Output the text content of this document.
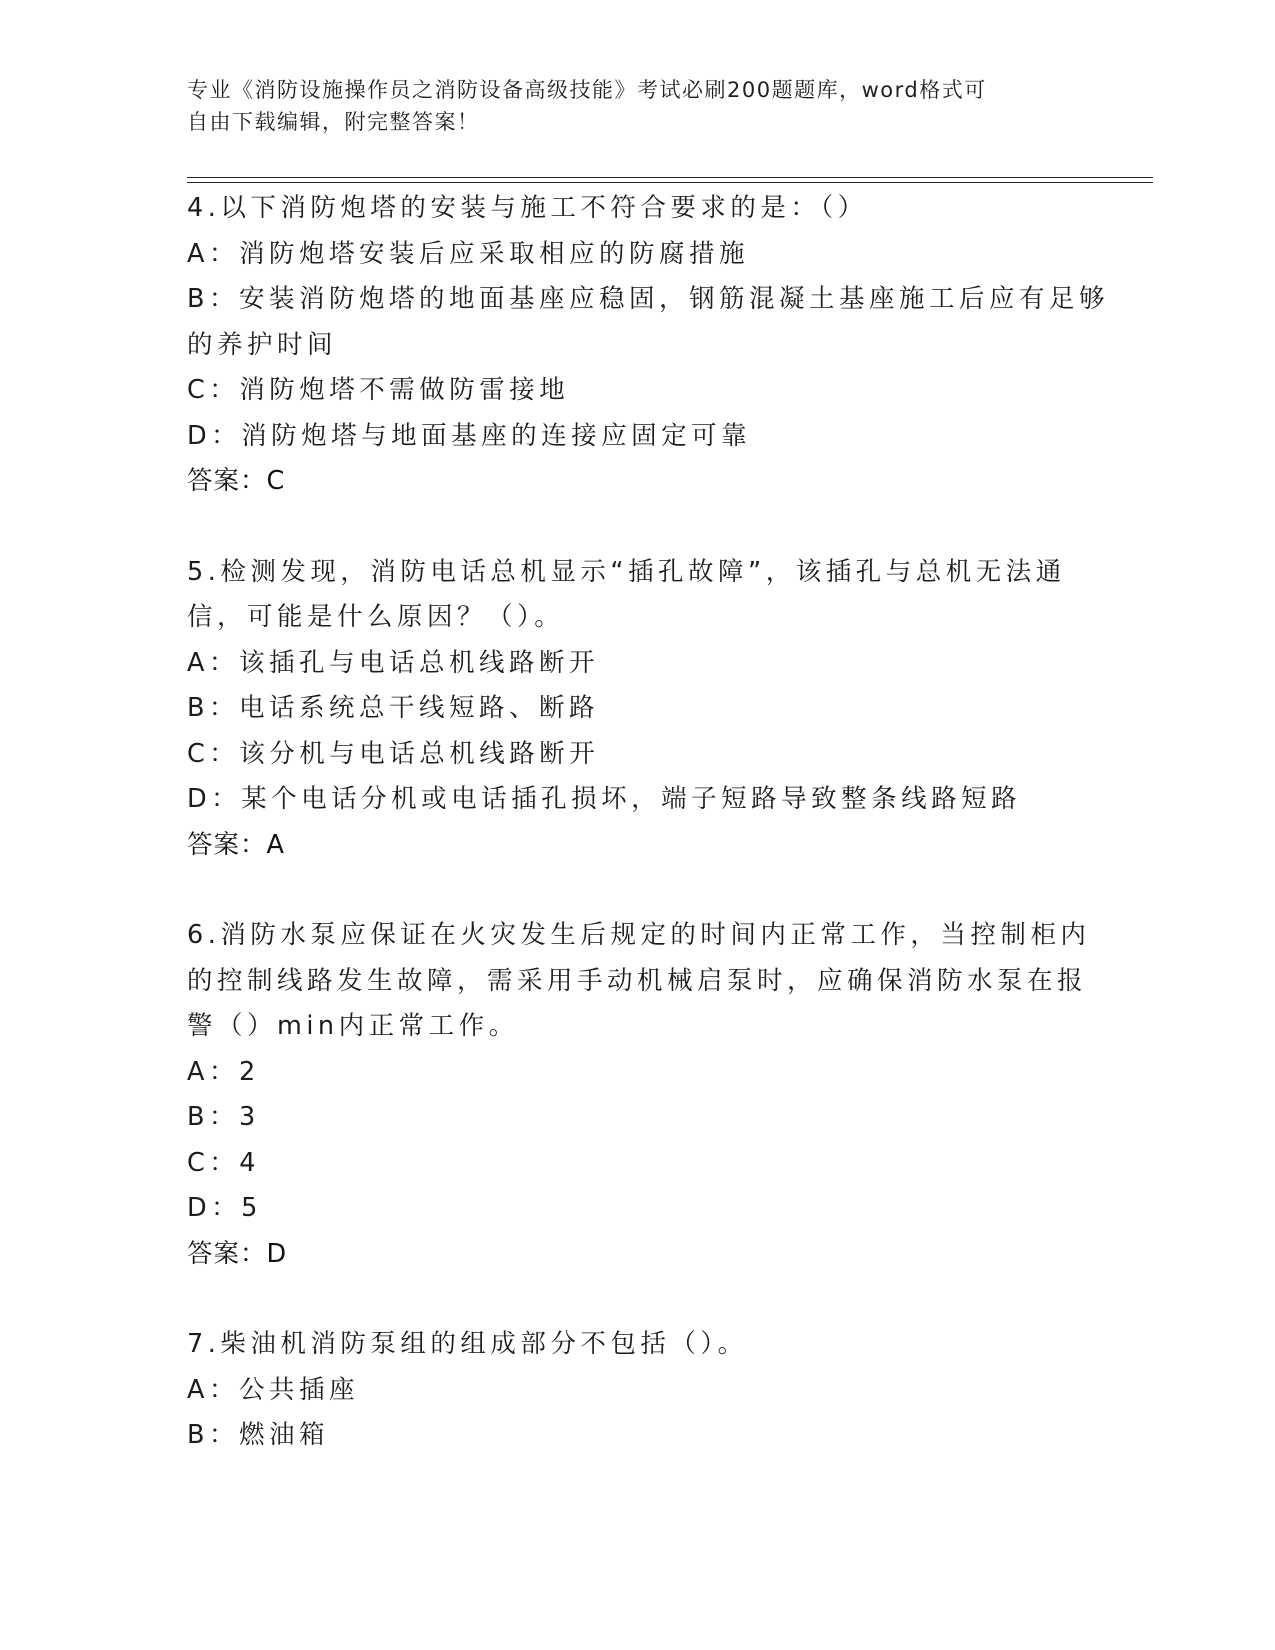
专业《消防设施操作员之消防设备高级技能》考试必刷200题题库，word格式可
自由下载编辑，附完整答案！
4.以下消防炮塔的安装与施工不符合要求的是：（）
A：消防炮塔安装后应采取相应的防腐措施
B：安装消防炮塔的地面基座应稳固，钢筋混凝土基座施工后应有足够
的养护时间
C：消防炮塔不需做防雷接地
D：消防炮塔与地面基座的连接应固定可靠
答案：C
5.检测发现，消防电话总机显示“插孔故障”，该插孔与总机无法通
信，可能是什么原因？（）。
A：该插孔与电话总机线路断开
B：电话系统总干线短路、断路
C：该分机与电话总机线路断开
D：某个电话分机或电话插孔损坏，端子短路导致整条线路短路
答案：A
6.消防水泵应保证在火灾发生后规定的时间内正常工作，当控制柜内
的控制线路发生故障，需采用手动机械启泵时，应确保消防水泵在报
警（）min内正常工作。
A：2
B：3
C：4
D：5
答案：D
7.柴油机消防泵组的组成部分不包括（）。
A：公共插座
B：燃油箱
